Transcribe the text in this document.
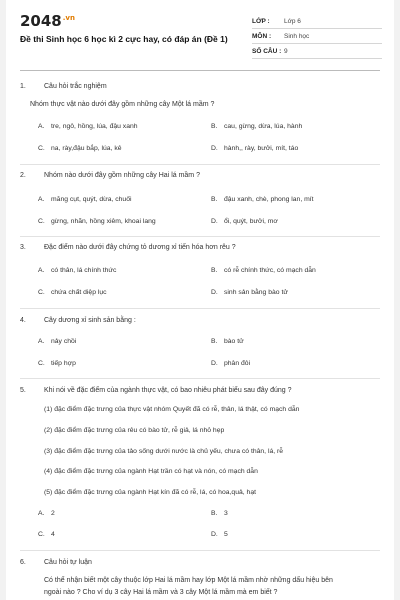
$2048^{.vn}$
Đề thi Sinh học 6 học kì 2 cực hay, có đáp án (Đề 1)
LỚP :	Lớp 6
MÔN :	Sinh học
SỐ CÂU : 9
1.	Câu hỏi trắc nghiệm
Nhóm thực vật nào dưới đây gồm những cây Một lá mầm ?
A. tre, ngô, hồng, lúa, đậu xanh	B. cau, gừng, dừa, lúa, hành
C. na, rày,đậu bắp, lúa, kê	D. hành,, rày, bưởi, mít, táo
2.	Nhóm nào dưới đây gồm những cây Hai lá mầm ?
A. măng cụt, quýt, dừa, chuối	B. đậu xanh, chè, phong lan, mít
C. gừng, nhãn, hồng xiêm, khoai lang	D. ổi, quýt, bưởi, mơ
3.	Đặc điểm nào dưới đây chứng tỏ dương xỉ tiến hóa hơn rêu ?
A. có thân, lá chính thức	B. có rễ chính thức, có mạch dẫn
C. chứa chất diệp lục	D. sinh sản bằng bào tử
4.	Cây dương xỉ sinh sản bằng :
A. nảy chồi	B. bào tử
C. tiếp hợp	D. phân đôi
5.	Khi nói về đặc điểm của ngành thực vật, có bao nhiêu phát biểu sau đây đúng ?
(1) đặc điểm đặc trưng của thực vật nhóm Quyết đã có rễ, thân, lá thật, có mạch dẫn
(2) đặc điểm đặc trưng của rêu có bào tử, rễ giả, lá nhỏ hẹp
(3) đặc điểm đặc trưng của tảo sống dưới nước là chủ yếu, chưa có thân, lá, rễ
(4) đặc điểm đặc trưng của ngành Hạt trần có hạt và nón, có mạch dẫn
(5) đặc điểm đặc trưng của ngành Hạt kín đã có rễ, lá, có hoa,quả, hạt
A. 2	B. 3
C. 4	D. 5
6.	Câu hỏi tự luận
Có thể nhận biết một cây thuộc lớp Hai lá mầm hay lớp Một lá mầm nhờ những dấu hiệu bên
ngoài nào ? Cho ví dụ 3 cây Hai lá mầm và 3 cây Một lá mầm mà em biết ?
